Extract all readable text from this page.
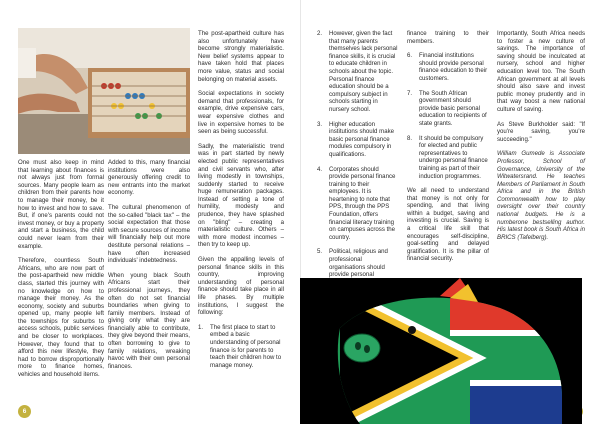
One must also keep in mind that learning about finances is not always just from formal sources. Many people learn as children from their parents how to manage their money, be it how to invest and how to save. But, if one's parents could not invest money, or buy a property and start a business, the child could never learn from their example.

Therefore, countless South Africans, who are now part of the post-apartheid new middle class, started this journey with no knowledge on how to manage their money. As the economy, society and suburbs opened up, many people left the townships for suburbs to access schools, public services and be closer to workplaces. However, they found that to afford this new lifestyle, they had to borrow disproportionally more to finance homes, vehicles and household items.

Added to this, many financial institutions were also generously offering credit to new entrants into the market economy.

The cultural phenomenon of the so-called "black tax" – the social expectation that those with secure sources of income will financially help out more destitute personal relations – have often increased individuals' indebtedness.

When young black South Africans start their professional journeys, they often do not set financial boundaries when giving to family members. Instead of giving only what they are financially able to contribute, they give beyond their means, often borrowing to give to family relations, wreaking havoc with their own personal finances.

The post-apartheid culture has also unfortunately have become strongly materialistic. New belief systems appear to have taken hold that places more value, status and social belonging on material assets.

Social expectations in society demand that professionals, for example, drive expensive cars, wear expensive clothes and live in expensive homes to be seen as being successful.

Sadly, the materialistic trend was in part started by newly elected public representatives and civil servants who, after living modestly in townships, suddenly started to receive huge remuneration packages. Instead of setting a tone of humility, modesty and prudence, they have splashed on "bling" – creating a materialistic culture. Others – with more modest incomes – then try to keep up.

Given the appalling levels of personal finance skills in this country, improving understanding of personal finance should take place in all life phases. By multiple institutions, I suggest the following:

1.	The first place to start to embed a basic understanding of personal finance is for parents to teach their children how to manage money.
6
2.	However, given the fact that many parents themselves lack personal finance skills, it is crucial to educate children in schools about the topic. Personal finance education should be a compulsory subject in schools starting in nursery school.
3.	Higher education institutions should make basic personal finance modules compulsory in qualifications.
4.	Corporates should provide personal finance training to their employees. It is heartening to note that PPS, through the PPS Foundation, offers financial literacy training on campuses across the country.
5.	Political, religious and professional organisations should provide personal

finance training to their members.

6.	Financial institutions should provide personal finance education to their customers.
7.	The South African government should provide basic personal education to recipients of state grants.
8.	It should be compulsory for elected and public representatives to undergo personal finance training as part of their induction programmes.

We all need to understand that money is not only for spending, and that living within a budget, saving and investing is crucial. Saving is a critical life skill that encourages self-discipline, goal-setting and delayed gratification. It is the pillar of financial security.

Importantly, South Africa needs to foster a new culture of savings. The importance of saving should be inculcated at nursery, school and higher education level too. The South African government at all levels should also save and invest public money prudently and in that way boost a new national culture of saving.

As Steve Burkholder said: "If you're saving, you're succeeding."

William Gumede is Associate Professor, School of Governance, University of the Witwatersrand. He teaches Members of Parliament in South Africa and in the British Commonwealth how to play oversight over their country national budgets. He is a numberone bestselling author. His latest book is South Africa in BRICS (Tafelberg).
